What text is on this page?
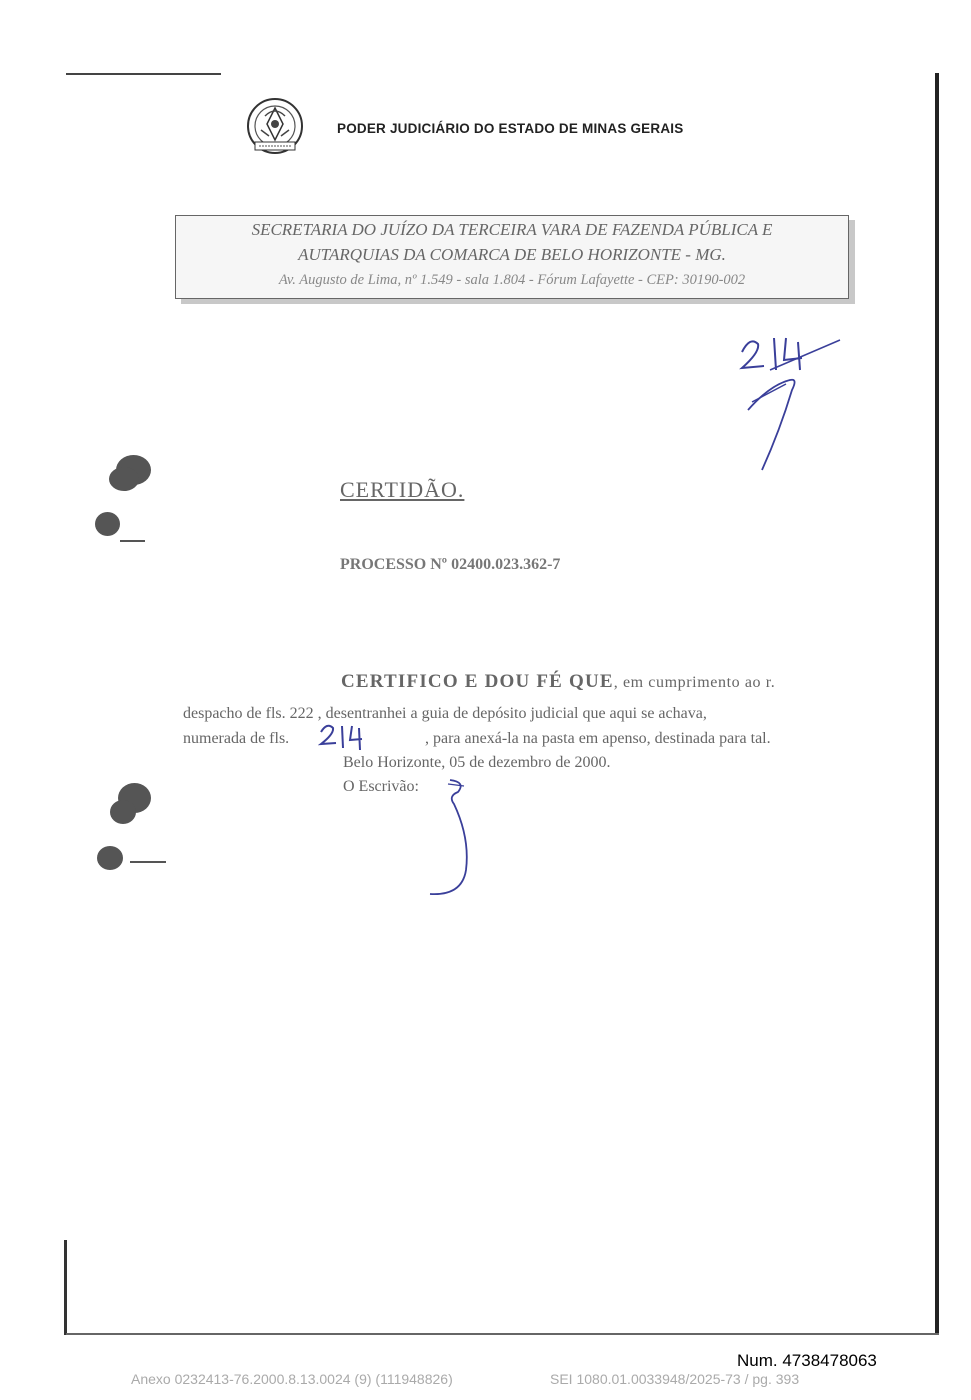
PODER JUDICIÁRIO DO ESTADO DE MINAS GERAIS
SECRETARIA DO JUÍZO DA TERCEIRA VARA DE FAZENDA PÚBLICA E
AUTARQUIAS DA COMARCA DE BELO HORIZONTE - MG.
Av. Augusto de Lima, nº 1.549 - sala 1.804 - Fórum Lafayette - CEP: 30190-002
CERTIDÃO.
PROCESSO Nº 02400.023.362-7
CERTIFICO E DOU FÉ QUE, em cumprimento ao r.
despacho de fls. 222 , desentranhei a guia de depósito judicial que aqui se achava,
numerada de fls.	, para anexá-la na pasta em apenso, destinada para tal.
Belo Horizonte, 05 de dezembro de 2000.
O Escrivão:
Num. 4738478063
Anexo 0232413-76.2000.8.13.0024 (9) (111948826)	SEI 1080.01.0033948/2025-73 / pg. 393
